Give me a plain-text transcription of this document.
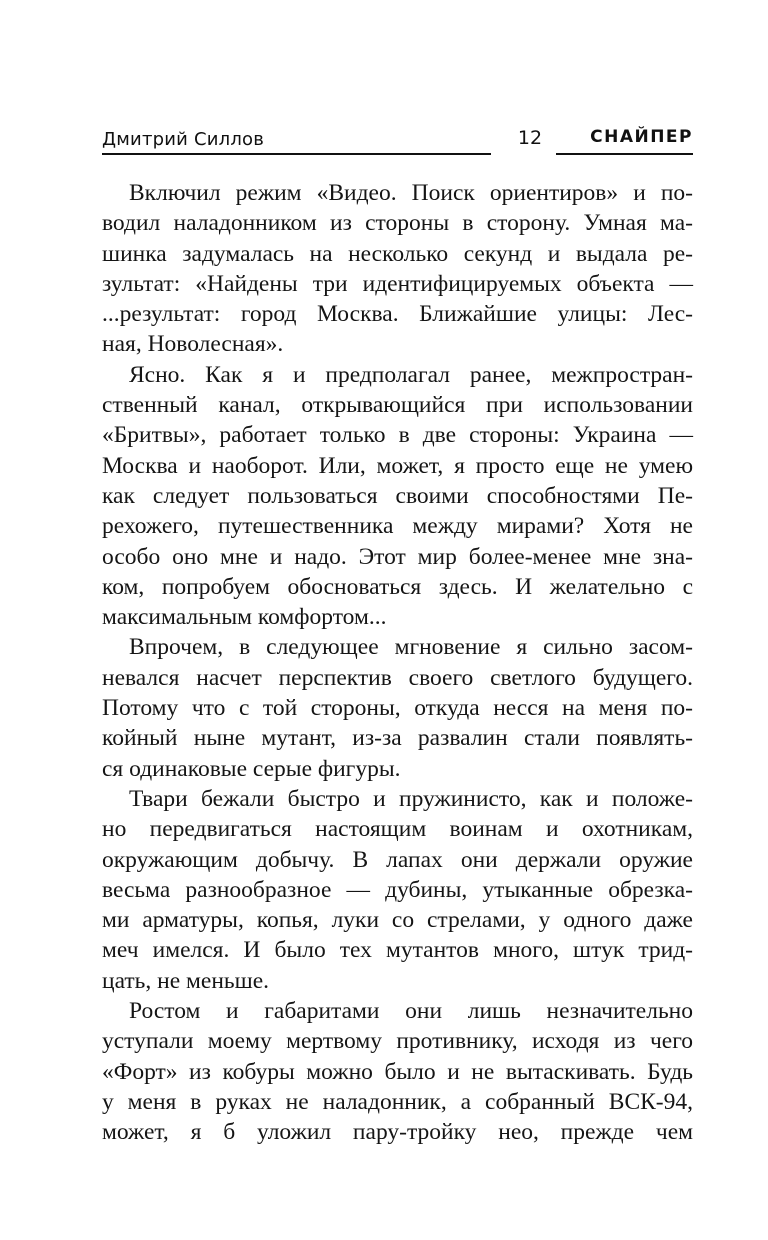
Дмитрий Силлов	12	СНАЙПЕР

Включил режим «Видео. Поиск ориентиров» и по-
водил наладонником из стороны в сторону. Умная ма-
шинка задумалась на несколько секунд и выдала ре-
зультат: «Найдены три идентифицируемых объекта —
...результат: город Москва. Ближайшие улицы: Лес-
ная, Новолесная».

Ясно. Как я и предполагал ранее, межпростран-
ственный канал, открывающийся при использовании
«Бритвы», работает только в две стороны: Украина —
Москва и наоборот. Или, может, я просто еще не умею
как следует пользоваться своими способностями Пе-
рехожего, путешественника между мирами? Хотя не
особо оно мне и надо. Этот мир более-менее мне зна-
ком, попробуем обосноваться здесь. И желательно с
максимальным комфортом...

Впрочем, в следующее мгновение я сильно засом-
невался насчет перспектив своего светлого будущего.
Потому что с той стороны, откуда несся на меня по-
койный ныне мутант, из-за развалин стали появлять-
ся одинаковые серые фигуры.

Твари бежали быстро и пружинисто, как и положе-
но передвигаться настоящим воинам и охотникам,
окружающим добычу. В лапах они держали оружие
весьма разнообразное — дубины, утыканные обрезка-
ми арматуры, копья, луки со стрелами, у одного даже
меч имелся. И было тех мутантов много, штук трид-
цать, не меньше.

Ростом и габаритами они лишь незначительно
уступали моему мертвому противнику, исходя из чего
«Форт» из кобуры можно было и не вытаскивать. Будь
у меня в руках не наладонник, а собранный ВСК-94,
может, я б уложил пару-тройку нео, прежде чем
